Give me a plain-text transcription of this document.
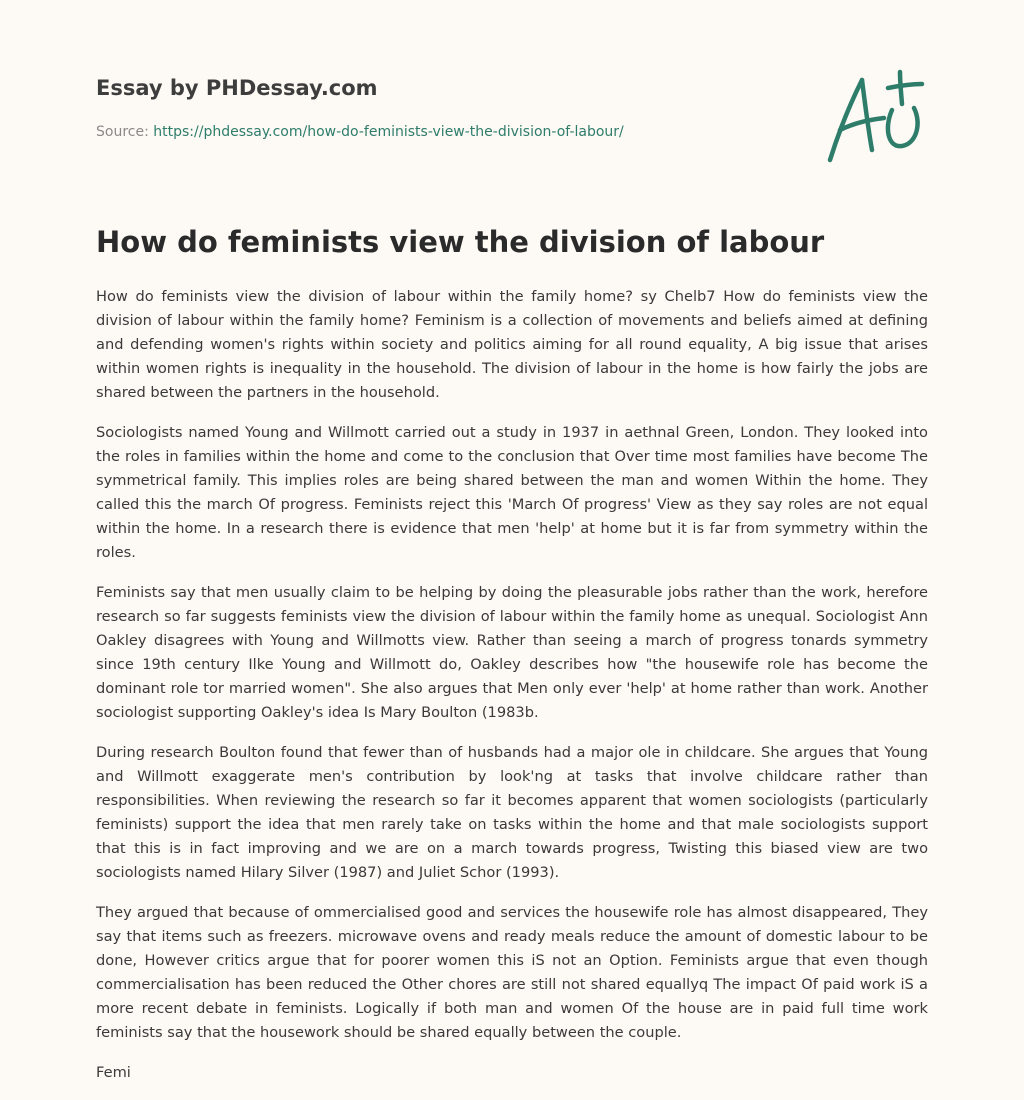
Essay by PHDessay.com
Source: https://phdessay.com/how-do-feminists-view-the-division-of-labour/
How do feminists view the division of labour

How do feminists view the division of labour within the family home? sy Chelb7 How do feminists view the division of labour within the family home? Feminism is a collection of movements and beliefs aimed at defining and defending women's rights within society and politics aiming for all round equality, A big issue that arises within women rights is inequality in the household. The division of labour in the home is how fairly the jobs are shared between the partners in the household.

Sociologists named Young and Willmott carried out a study in 1937 in aethnal Green, London. They looked into the roles in families within the home and come to the conclusion that Over time most families have become The symmetrical family. This implies roles are being shared between the man and women Within the home. They called this the march Of progress. Feminists reject this 'March Of progress' View as they say roles are not equal within the home. In a research there is evidence that men 'help' at home but it is far from symmetry within the roles.

Feminists say that men usually claim to be helping by doing the pleasurable jobs rather than the work, herefore research so far suggests feminists view the division of labour within the family home as unequal. Sociologist Ann Oakley disagrees with Young and Willmotts view. Rather than seeing a march of progress tonards symmetry since 19th century Ilke Young and Willmott do, Oakley describes how "the housewife role has become the dominant role tor married women". She also argues that Men only ever 'help' at home rather than work. Another sociologist supporting Oakley's idea Is Mary Boulton (1983b.

During research Boulton found that fewer than of husbands had a major ole in childcare. She argues that Young and Willmott exaggerate men's contribution by look'ng at tasks that involve childcare rather than responsibilities. When reviewing the research so far it becomes apparent that women sociologists (particularly feminists) support the idea that men rarely take on tasks within the home and that male sociologists support that this is in fact improving and we are on a march towards progress, Twisting this biased view are two sociologists named Hilary Silver (1987) and Juliet Schor (1993).

They argued that because of ommercialised good and services the housewife role has almost disappeared, They say that items such as freezers. microwave ovens and ready meals reduce the amount of domestic labour to be done, However critics argue that for poorer women this iS not an Option. Feminists argue that even though commercialisation has been reduced the Other chores are still not shared equallyq The impact Of paid work iS a more recent debate in feminists. Logically if both man and women Of the house are in paid full time work feminists say that the housework should be shared equally between the couple.

Femi
